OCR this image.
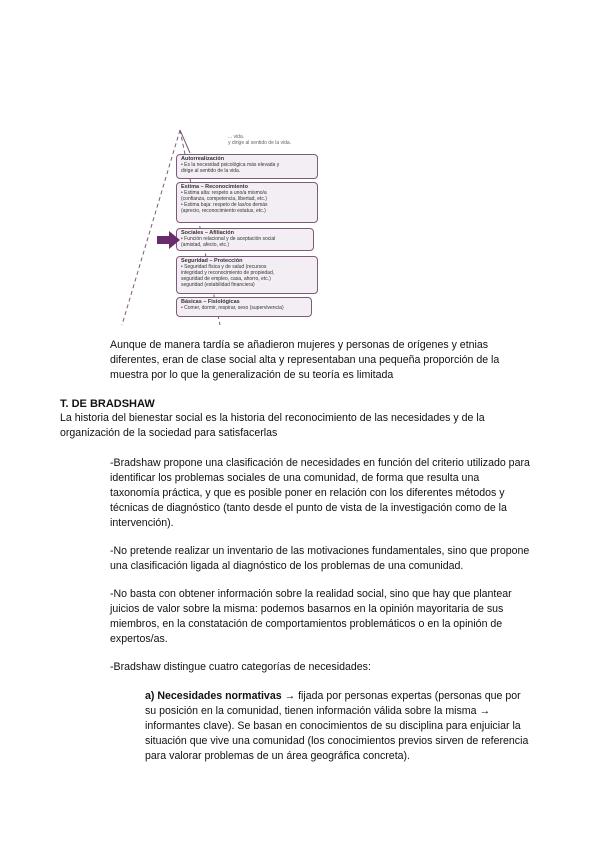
... vida.
y dirige al sentido de la vida.
Autorrealización
• Es la necesidad psicológica más elevada y
dirige al sentido de la vida.
Estima – Reconocimiento
• Estima alta: respeto a uno/a mismo/a
(confianza, competencia, libertad, etc.)
• Estima baja: respeto de las/os demás
(aprecio, reconocimiento estatus, etc.)
Sociales – Afiliación
• Función relacional y de aceptación social
(amistad, afecto, etc.)
Seguridad – Protección
• Seguridad física y de salud (recursos
integridad y reconocimiento de propiedad,
seguridad de empleo, casa, ahorro, etc.)
seguridad (estabilidad financiera)
Básicas – Fisiológicas
• Comer, dormir, respirar, sexo (supervivencia)

Aunque de manera tardía se añadieron mujeres y personas de orígenes y etnias diferentes, eran de clase social alta y representaban una pequeña proporción de la muestra por lo que la generalización de su teoría es limitada

T. DE BRADSHAW

La historia del bienestar social es la historia del reconocimiento de las necesidades y de la organización de la sociedad para satisfacerlas

-Bradshaw propone una clasificación de necesidades en función del criterio utilizado para identificar los problemas sociales de una comunidad, de forma que resulta una taxonomía práctica, y que es posible poner en relación con los diferentes métodos y técnicas de diagnóstico (tanto desde el punto de vista de la investigación como de la intervención).

-No pretende realizar un inventario de las motivaciones fundamentales, sino que propone una clasificación ligada al diagnóstico de los problemas de una comunidad.

-No basta con obtener información sobre la realidad social, sino que hay que plantear juicios de valor sobre la misma: podemos basarnos en la opinión mayoritaria de sus miembros, en la constatación de comportamientos problemáticos o en la opinión de expertos/as.

-Bradshaw distingue cuatro categorías de necesidades:

a) Necesidades normativas → fijada por personas expertas (personas que por su posición en la comunidad, tienen información válida sobre la misma → informantes clave). Se basan en conocimientos de su disciplina para enjuiciar la situación que vive una comunidad (los conocimientos previos sirven de referencia para valorar problemas de un área geográfica concreta).
